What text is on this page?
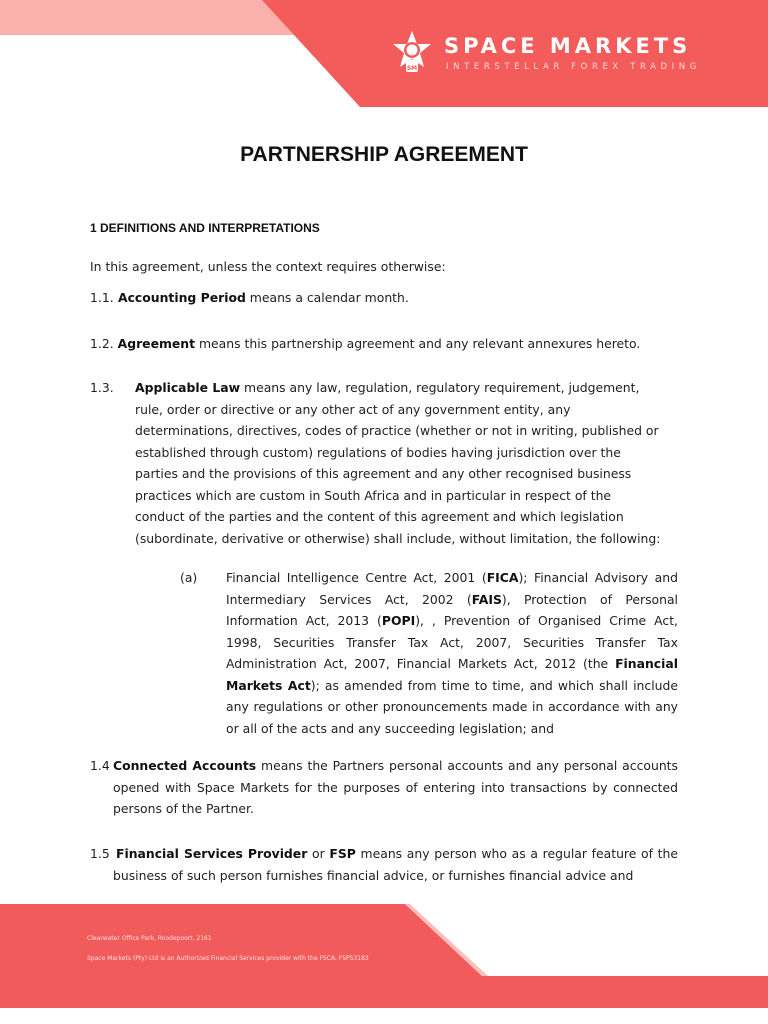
SM
SPACE MARKETS
INTERSTELLAR FOREX TRADING
PARTNERSHIP AGREEMENT
1 DEFINITIONS AND INTERPRETATIONS
In this agreement, unless the context requires otherwise:
1.1. Accounting Period means a calendar month.
1.2. Agreement means this partnership agreement and any relevant annexures hereto.
1.3. Applicable Law means any law, regulation, regulatory requirement, judgement, rule, order or directive or any other act of any government entity, any determinations, directives, codes of practice (whether or not in writing, published or established through custom) regulations of bodies having jurisdiction over the parties and the provisions of this agreement and any other recognised business practices which are custom in South Africa and in particular in respect of the conduct of the parties and the content of this agreement and which legislation (subordinate, derivative or otherwise) shall include, without limitation, the following:
(a) Financial Intelligence Centre Act, 2001 (FICA); Financial Advisory and Intermediary Services Act, 2002 (FAIS), Protection of Personal Information Act, 2013 (POPI), , Prevention of Organised Crime Act, 1998, Securities Transfer Tax Act, 2007, Securities Transfer Tax Administration Act, 2007, Financial Markets Act, 2012 (the Financial Markets Act); as amended from time to time, and which shall include any regulations or other pronouncements made in accordance with any or all of the acts and any succeeding legislation; and
1.4 Connected Accounts means the Partners personal accounts and any personal accounts opened with Space Markets for the purposes of entering into transactions by connected persons of the Partner.
1.5 Financial Services Provider or FSP means any person who as a regular feature of the business of such person furnishes financial advice, or furnishes financial advice and
Clearwater Office Park, Roodepoort, 2161
Space Markets (Pty) Ltd is an Authorized Financial Services provider with the FSCA: FSP53183
